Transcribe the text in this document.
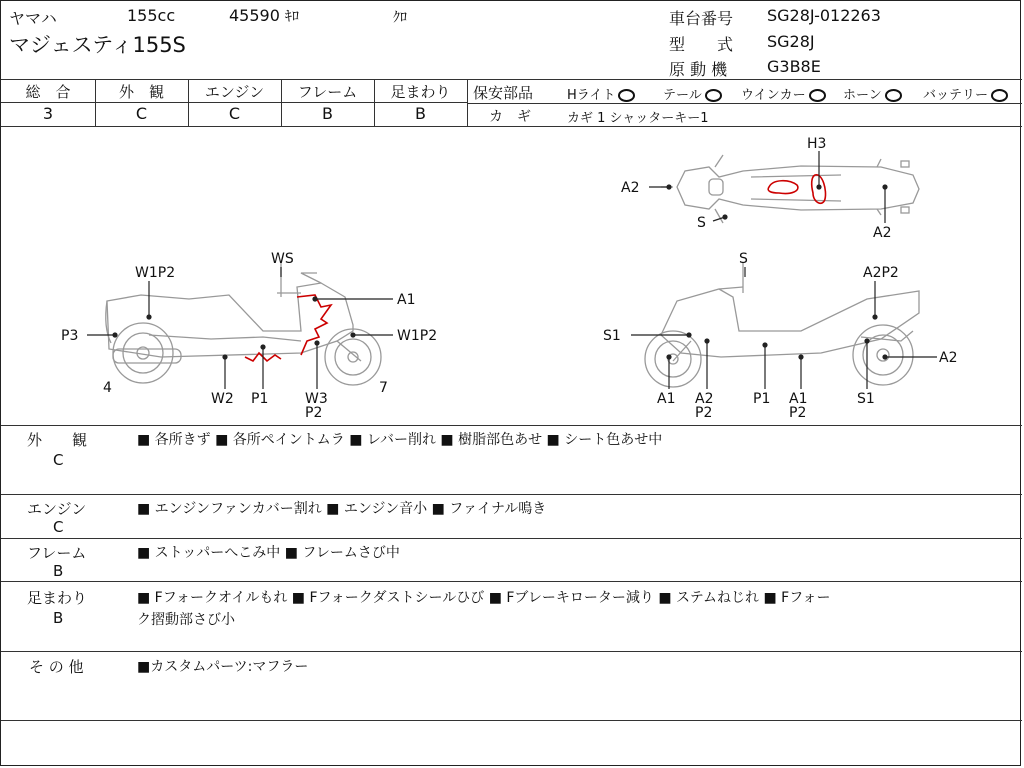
ヤマハ	155cc	45590 ｷﾛ	ｸﾛ
マジェスティ155S
車台番号 SG28J-012263
型　　式 SG28J
原 動 機 G3B8E
総　合
3
外　観
C
エンジン
C
フレーム
B
足まわり
B
保安部品	Hライト	テール	ウインカー	ホーン	バッテリー
カ　ギ	カギ 1 シャッターキー1
H3
A2
S
A2
WS
W1P2
A1
P3	W1P2
4	7
W2 P1	W3
P2
S
A2P2
S1
A2
A1 A2
P2
P1 A1
P2
S1
外　　観
C
■ 各所きず ■ 各所ペイントムラ ■ レバー削れ ■ 樹脂部色あせ ■ シート色あせ中
エンジン
C
■ エンジンファンカバー割れ ■ エンジン音小 ■ ファイナル鳴き
フレーム
B
■ ストッパーへこみ中 ■ フレームさび中
足まわり
B
■ Fフォークオイルもれ ■ Fフォークダストシールひび ■ Fブレーキローター減り ■ ステムねじれ ■ Fフォー
ク摺動部さび小
そ の 他	■カスタムパーツ:マフラー
